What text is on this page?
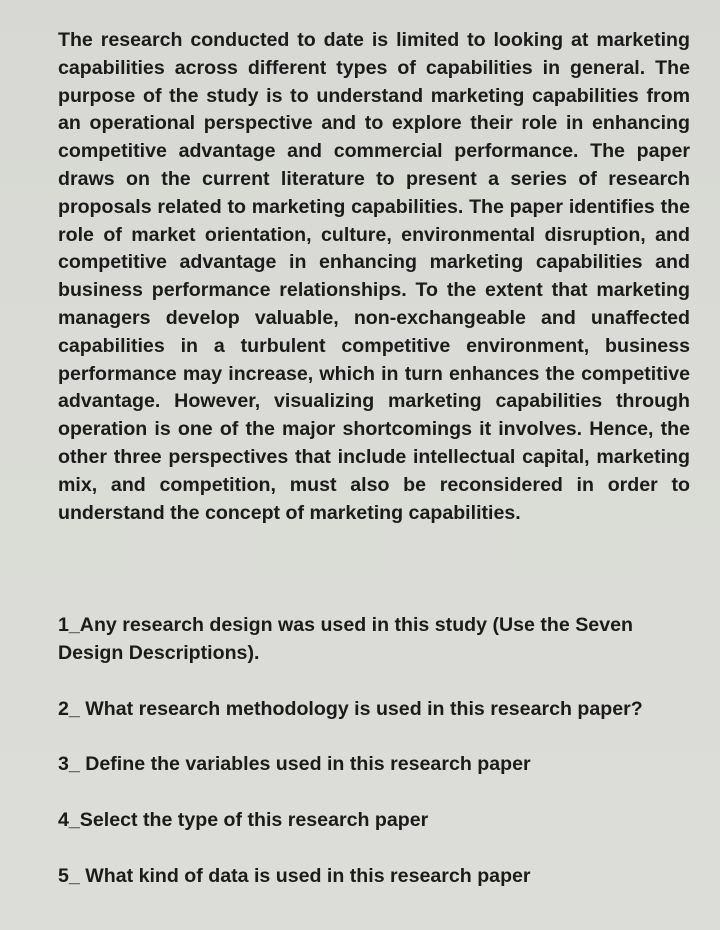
The research conducted to date is limited to looking at marketing capabilities across different types of capabilities in general. The purpose of the study is to understand marketing capabilities from an operational perspective and to explore their role in enhancing competitive advantage and commercial performance. The paper draws on the current literature to present a series of research proposals related to marketing capabilities. The paper identifies the role of market orientation, culture, environmental disruption, and competitive advantage in enhancing marketing capabilities and business performance relationships. To the extent that marketing managers develop valuable, non-exchangeable and unaffected capabilities in a turbulent competitive environment, business performance may increase, which in turn enhances the competitive advantage. However, visualizing marketing capabilities through operation is one of the major shortcomings it involves. Hence, the other three perspectives that include intellectual capital, marketing mix, and competition, must also be reconsidered in order to understand the concept of marketing capabilities.

1_Any research design was used in this study (Use the Seven Design Descriptions).

2_ What research methodology is used in this research paper?

3_ Define the variables used in this research paper

4_Select the type of this research paper

5_ What kind of data is used in this research paper
